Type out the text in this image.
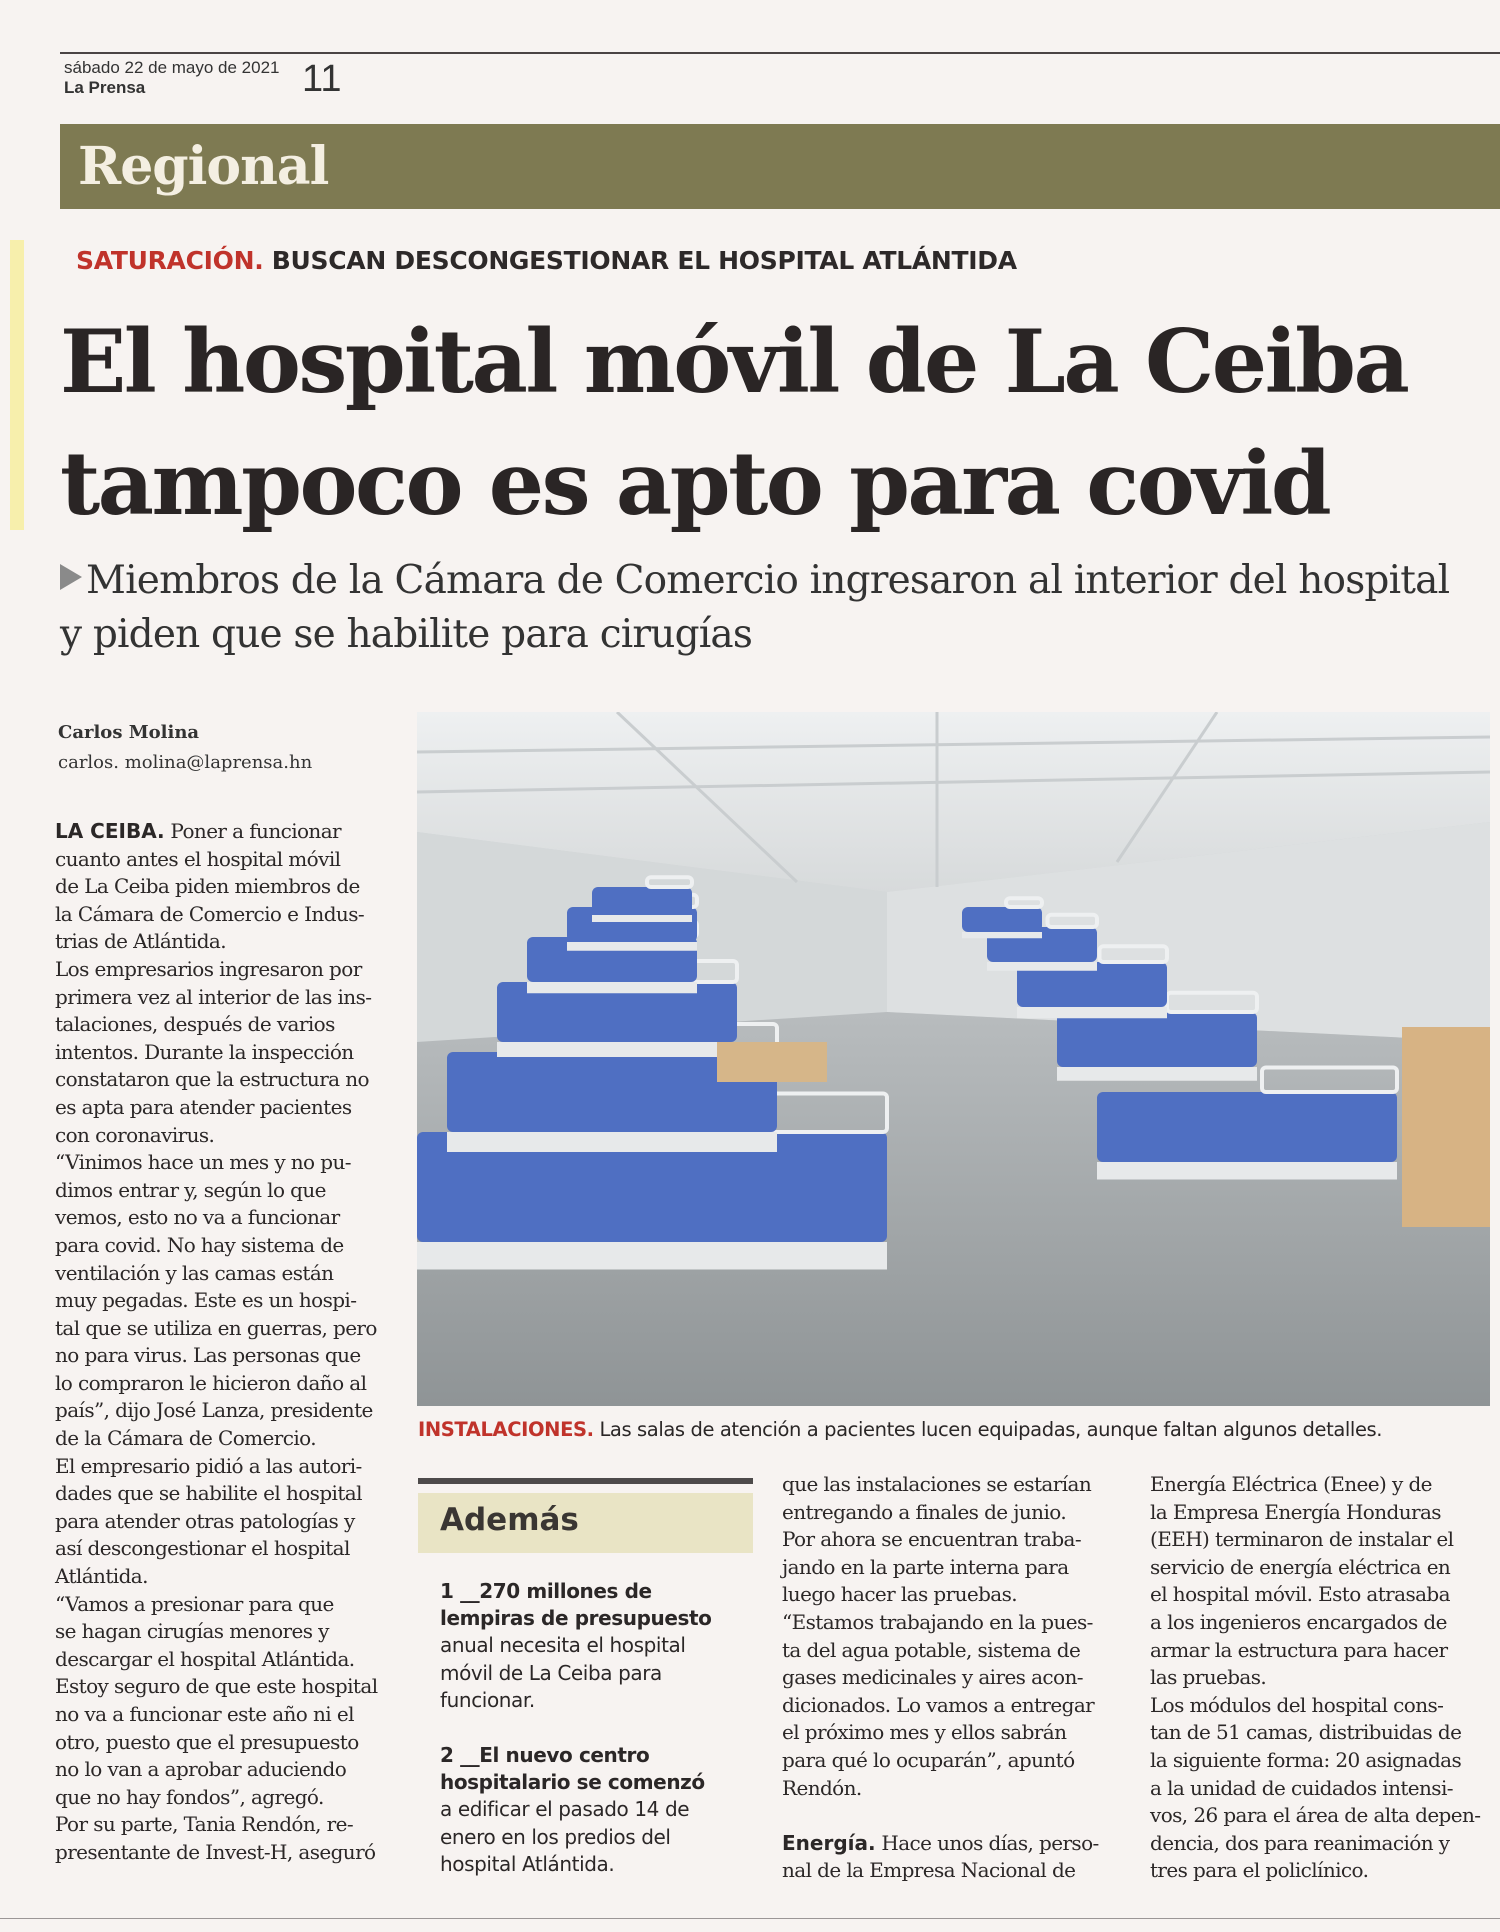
sábado 22 de mayo de 2021
La Prensa	11
Regional
SATURACIÓN. BUSCAN DESCONGESTIONAR EL HOSPITAL ATLÁNTIDA
El hospital móvil de La Ceiba
tampoco es apto para covid
Miembros de la Cámara de Comercio ingresaron al interior del hospital
y piden que se habilite para cirugías
Carlos Molina
carlos. molina@laprensa.hn

LA CEIBA. Poner a funcionar

cuanto antes el hospital móvil

de La Ceiba piden miembros de

la Cámara de Comercio e Indus-

trias de Atlántida.

Los empresarios ingresaron por

primera vez al interior de las ins-

talaciones, después de varios

intentos. Durante la inspección

constataron que la estructura no

es apta para atender pacientes

con coronavirus.

“Vinimos hace un mes y no pu-

dimos entrar y, según lo que

vemos, esto no va a funcionar

para covid. No hay sistema de

ventilación y las camas están

muy pegadas. Este es un hospi-

tal que se utiliza en guerras, pero

no para virus. Las personas que

lo compraron le hicieron daño al

país”, dijo José Lanza, presidente

de la Cámara de Comercio.

El empresario pidió a las autori-

dades que se habilite el hospital

para atender otras patologías y

así descongestionar el hospital

Atlántida.

“Vamos a presionar para que

se hagan cirugías menores y

descargar el hospital Atlántida.

Estoy seguro de que este hospital

no va a funcionar este año ni el

otro, puesto que el presupuesto

no lo van a aprobar aduciendo

que no hay fondos”, agregó.

Por su parte, Tania Rendón, re-

presentante de Invest-H, aseguró

INSTALACIONES. Las salas de atención a pacientes lucen equipadas, aunque faltan algunos detalles.
Además

1 __270 millones de

lempiras de presupuesto

anual necesita el hospital

móvil de La Ceiba para

funcionar.

2 __El nuevo centro

hospitalario se comenzó

a edificar el pasado 14 de

enero en los predios del

hospital Atlántida.

que las instalaciones se estarían

entregando a finales de junio.

Por ahora se encuentran traba-

jando en la parte interna para

luego hacer las pruebas.

“Estamos trabajando en la pues-

ta del agua potable, sistema de

gases medicinales y aires acon-

dicionados. Lo vamos a entregar

el próximo mes y ellos sabrán

para qué lo ocuparán”, apuntó

Rendón.

Energía. Hace unos días, perso-

nal de la Empresa Nacional de

Energía Eléctrica (Enee) y de

la Empresa Energía Honduras

(EEH) terminaron de instalar el

servicio de energía eléctrica en

el hospital móvil. Esto atrasaba

a los ingenieros encargados de

armar la estructura para hacer

las pruebas.

Los módulos del hospital cons-

tan de 51 camas, distribuidas de

la siguiente forma: 20 asignadas

a la unidad de cuidados intensi-

vos, 26 para el área de alta depen-

dencia, dos para reanimación y

tres para el policlínico.
